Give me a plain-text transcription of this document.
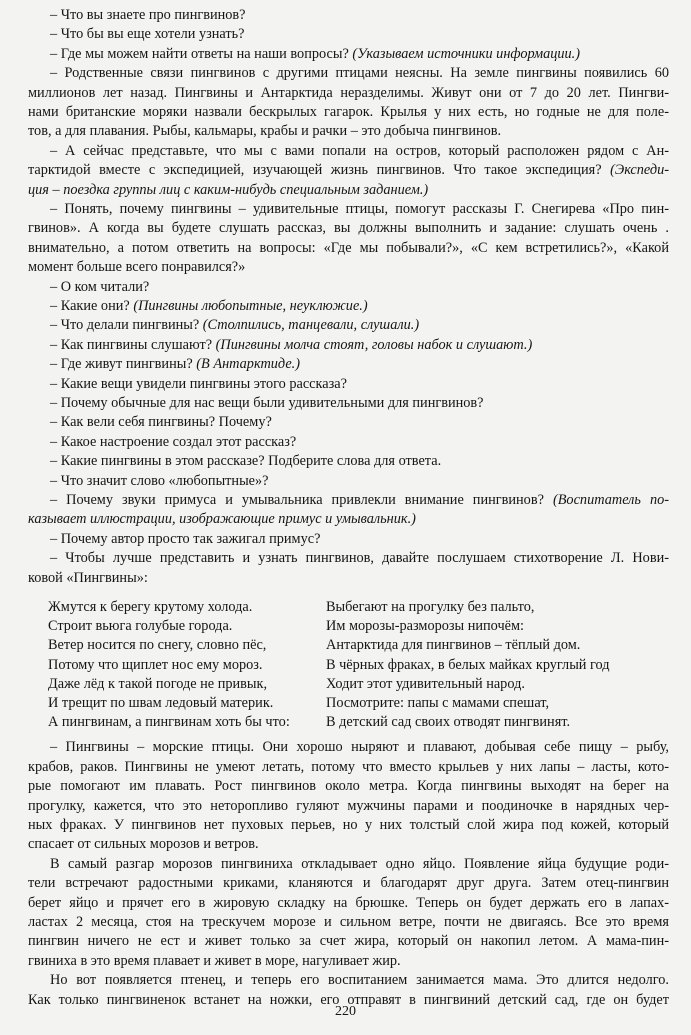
– Что вы знаете про пингвинов?
– Что бы вы еще хотели узнать?
– Где мы можем найти ответы на наши вопросы? (Указываем источники информации.)
– Родственные связи пингвинов с другими птицами неясны. На земле пингвины появились 60
миллионов лет назад. Пингвины и Антарктида неразделимы. Живут они от 7 до 20 лет. Пингви-
нами британские моряки назвали бескрылых гагарок. Крылья у них есть, но годные не для полe-
тов, а для плавания. Рыбы, кальмары, крабы и рачки – это добыча пингвинов.
– А сейчас представьте, что мы с вами попали на остров, который расположен рядом с Ан-
тарктидой вместе с экспедицией, изучающей жизнь пингвинов. Что такое экспедиция? (Экспеди-
ция – поездка группы лиц с каким-нибудь специальным заданием.)
– Понять, почему пингвины – удивительные птицы, помогут рассказы Г. Снегирева «Про пин-
гвинов». А когда вы будете слушать рассказ, вы должны выполнить и задание: слушать очень .
внимательно, а потом ответить на вопросы: «Где мы побывали?», «С кем встретились?», «Какой
момент больше всего понравился?»
– О ком читали?
– Какие они? (Пингвины любопытные, неуклюжие.)
– Что делали пингвины? (Столпились, танцевали, слушали.)
– Как пингвины слушают? (Пингвины молча стоят, головы набок и слушают.)
– Где живут пингвины? (В Антарктиде.)
– Какие вещи увидели пингвины этого рассказа?
– Почему обычные для нас вещи были удивительными для пингвинов?
– Как вели себя пингвины? Почему?
– Какое настроение создал этот рассказ?
– Какие пингвины в этом рассказе? Подберите слова для ответа.
– Что значит слово «любопытные»?
– Почему звуки примуса и умывальника привлекли внимание пингвинов? (Воспитатель по-
казывает иллюстрации, изображающие примус и умывальник.)
– Почему автор просто так зажигал примус?
– Чтобы лучше представить и узнать пингвинов, давайте послушаем стихотворение Л. Нови-
ковой «Пингвины»:
Жмутся к берегу крутому холода.
Строит вьюга голубые города.
Ветер носится по снегу, словно пёс,
Потому что щиплет нос ему мороз.
Даже лёд к такой погоде не привык,
И трещит по швам ледовый материк.
А пингвинам, а пингвинам хоть бы что:
Выбегают на прогулку без пальто,
Им морозы-разморозы нипочём:
Антарктида для пингвинов – тёплый дом.
В чёрных фраках, в белых майках круглый год
Ходит этот удивительный народ.
Посмотрите: папы с мамами спешат,
В детский сад своих отводят пингвинят.
– Пингвины – морские птицы. Они хорошо ныряют и плавают, добывая себе пищу – рыбу,
крабов, раков. Пингвины не умеют летать, потому что вместо крыльев у них лапы – ласты, кото-
рые помогают им плавать. Рост пингвинов около метра. Когда пингвины выходят на берег на
прогулку, кажется, что это неторопливо гуляют мужчины парами и поодиночке в нарядных чер-
ных фраках. У пингвинов нет пуховых перьев, но у них толстый слой жира под кожей, который
спасает от сильных морозов и ветров.
В самый разгар морозов пингвиниха откладывает одно яйцо. Появление яйца будущие роди-
тели встречают радостными криками, кланяются и благодарят друг друга. Затем отец-пингвин
берет яйцо и прячет его в жировую складку на брюшке. Теперь он будет держать его в лапах-
ластах 2 месяца, стоя на трескучем морозе и сильном ветре, почти не двигаясь. Все это время
пингвин ничего не ест и живет только за счет жира, который он накопил летом. А мама-пин-
гвиниха в это время плавает и живет в море, нагуливает жир.
Но вот появляется птенец, и теперь его воспитанием занимается мама. Это длится недолго.
Как только пингвиненок встанет на ножки, его отправят в пингвиний детский сад, где он будет
220
